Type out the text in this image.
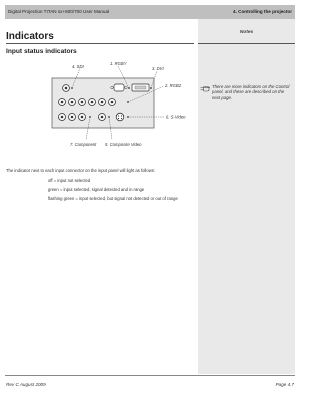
Digital Projection TITAN sx+800/700 User Manual	4. Controlling the projector
Notes
There are more indicators on the Control panel, and these are described on the next page.
Indicators
Input status indicators
4. SDI
1. RGBY
3. DVI
2. RGB2
6. S-Video
7. Component 5. Composite Video
The indicator next to each input connector on the input panel will light as follows:
off = input not selected
green = input selected, signal detected and in range
flashing green = input selected, but signal not detected or out of range
Rev C August 2009	Page 4.7
